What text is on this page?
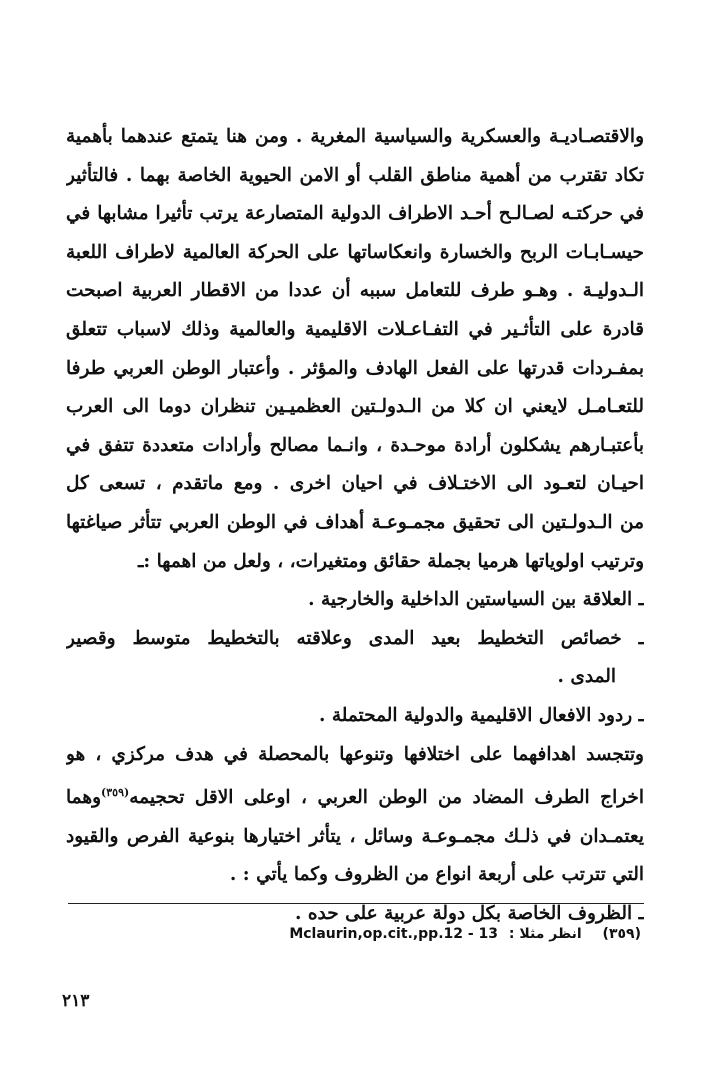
والاقتصـاديـة والعسكرية والسياسية المغرية . ومن هنا يتمتع عندهما بأهمية
تكاد تقترب من أهمية مناطق القلب أو الامن الحيوية الخاصة بهما . فالتأثير
في حركتـه لصـالـح أحـد الاطراف الدولية المتصارعة يرتب تأثيرا مشابها في
حيسـابـات الربح والخسارة وانعكاساتها على الحركة العالمية لاطراف اللعبة
الـدوليـة . وهـو طرف للتعامل سببه أن عددا من الاقطار العربية اصبحت
قادرة على التأثـير في التفـاعـلات الاقليمية والعالمية وذلك لاسباب تتعلق
بمفـردات قدرتها على الفعل الهادف والمؤثر . وأعتبار الوطن العربي طرفا
للتعـامـل لايعني ان كلا من الـدولـتين العظميـين تنظران دوما الى العرب
بأعتبـارهم يشكلون أرادة موحـدة ، وانـما مصالح وأرادات متعددة تتفق في
احيـان لتعـود الى الاختـلاف في احيان اخرى . ومع ماتقدم ، تسعى كل
من الـدولـتين الى تحقيق مجمـوعـة أهداف في الوطن العربي تتأثر صياغتها
وترتيب اولوياتها هرميا بجملة حقائق ومتغيرات، ، ولعل من اهمها :ـ
ـ العلاقة بين السياستين الداخلية والخارجية .
ـ خصائص التخطيط بعيد المدى وعلاقته بالتخطيط متوسط وقصير
المدى .
ـ ردود الافعال الاقليمية والدولية المحتملة .
وتتجسد اهدافهما على اختلافها وتنوعها بالمحصلة في هدف مركزي ، هو
اخراج الطرف المضاد من الوطن العربي ، اوعلى الاقل تحجيمه$^{(٣٥٩)}$وهما
يعتمـدان في ذلـك مجمـوعـة وسائل ، يتأثر اختيارها بنوعية الفرص والقيود
التي تترتب على أربعة انواع من الظروف وكما يأتي : .
ـ الظروف الخاصة بكل دولة عربية على حده .
(٣٥٩) انظر مثلا : Mclaurin,op.cit.,pp.12 - 13
٢١٣
